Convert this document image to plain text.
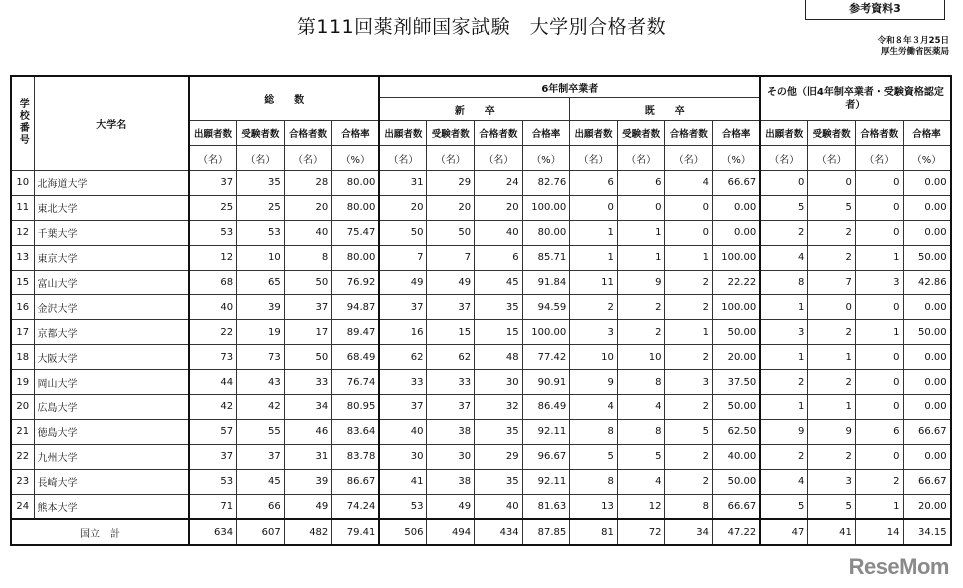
参考資料3
第111回薬剤師国家試験　大学別合格者数
令和８年３月25日
厚生労働省医薬局
学校番号	大学名	総　　数				6年制卒業者								その他（旧4年制卒業者・受験資格認定者）			
						新　　卒				既　　卒							
		出願者数	受験者数	合格者数	合格率	出願者数	受験者数	合格者数	合格率	出願者数	受験者数	合格者数	合格率	出願者数	受験者数	合格者数	合格率
		（名）	（名）	（名）	（%）	（名）	（名）	（名）	（%）	（名）	（名）	（名）	（%）	（名）	（名）	（名）	（%）
10	北海道大学	37	35	28	80.00	31	29	24	82.76	6	6	4	66.67	0	0	0	0.00
11	東北大学	25	25	20	80.00	20	20	20	100.00	0	0	0	0.00	5	5	0	0.00
12	千葉大学	53	53	40	75.47	50	50	40	80.00	1	1	0	0.00	2	2	0	0.00
13	東京大学	12	10	8	80.00	7	7	6	85.71	1	1	1	100.00	4	2	1	50.00
15	富山大学	68	65	50	76.92	49	49	45	91.84	11	9	2	22.22	8	7	3	42.86
16	金沢大学	40	39	37	94.87	37	37	35	94.59	2	2	2	100.00	1	0	0	0.00
17	京都大学	22	19	17	89.47	16	15	15	100.00	3	2	1	50.00	3	2	1	50.00
18	大阪大学	73	73	50	68.49	62	62	48	77.42	10	10	2	20.00	1	1	0	0.00
19	岡山大学	44	43	33	76.74	33	33	30	90.91	9	8	3	37.50	2	2	0	0.00
20	広島大学	42	42	34	80.95	37	37	32	86.49	4	4	2	50.00	1	1	0	0.00
21	徳島大学	57	55	46	83.64	40	38	35	92.11	8	8	5	62.50	9	9	6	66.67
22	九州大学	37	37	31	83.78	30	30	29	96.67	5	5	2	40.00	2	2	0	0.00
23	長崎大学	53	45	39	86.67	41	38	35	92.11	8	4	2	50.00	4	3	2	66.67
24	熊本大学	71	66	49	74.24	53	49	40	81.63	13	12	8	66.67	5	5	1	20.00
国立　計		634	607	482	79.41	506	494	434	87.85	81	72	34	47.22	47	41	14	34.15
ReseMom
